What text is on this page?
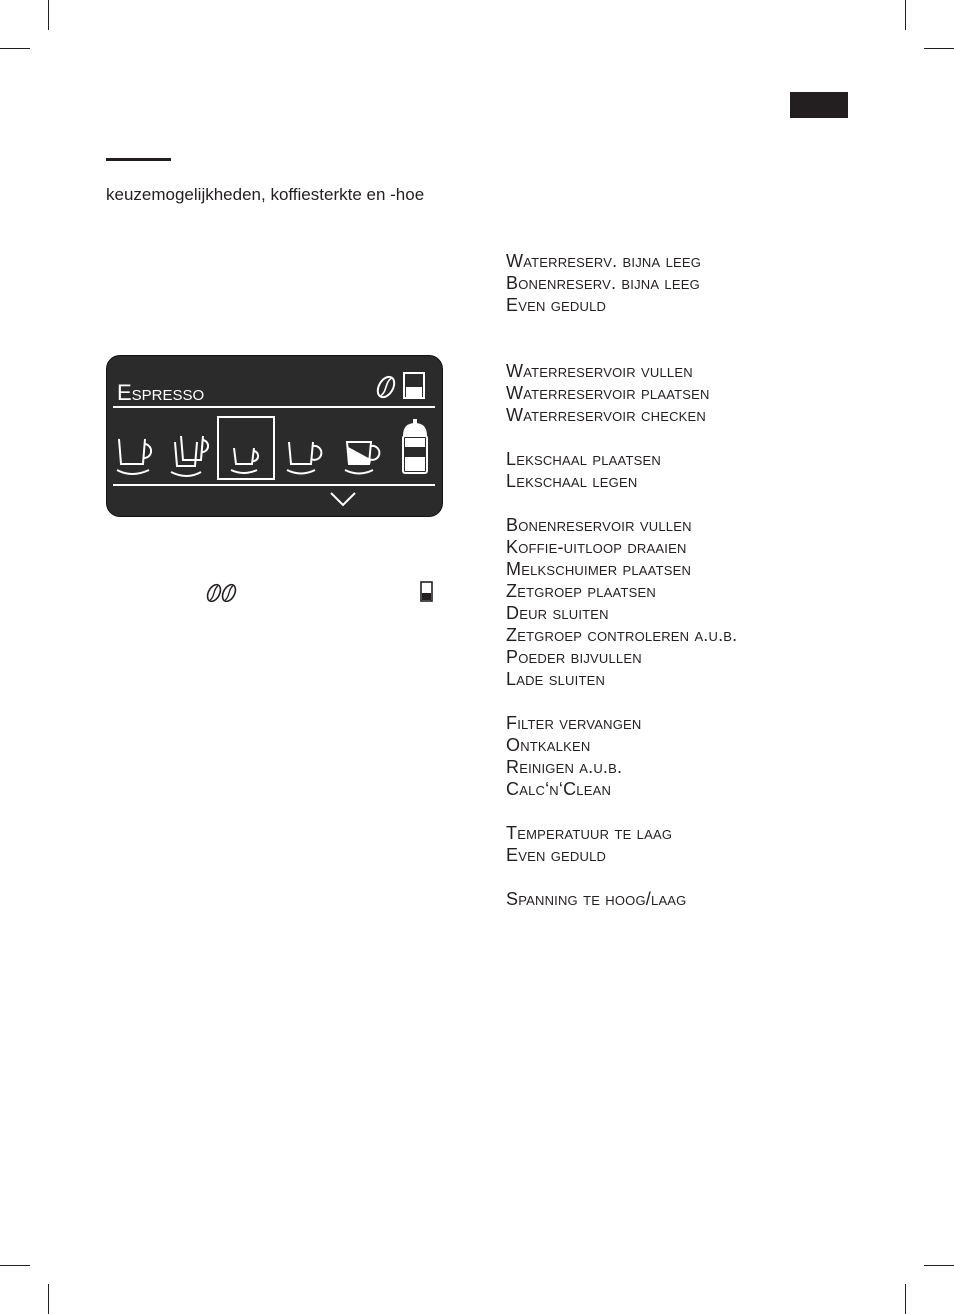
keuzemogelijkheden, koffiesterkte en -hoe
Espresso
Waterreserv. bijna leeg
Bonenreserv. bijna leeg
Even geduld
Waterreservoir vullen
Waterreservoir plaatsen
Waterreservoir checken
Lekschaal plaatsen
Lekschaal legen
Bonenreservoir vullen
Koffie-uitloop draaien
Melkschuimer plaatsen
Zetgroep plaatsen
Deur sluiten
Zetgroep controleren a.u.b.
Poeder bijvullen
Lade sluiten
Filter vervangen
Ontkalken
Reinigen a.u.b.
Calc‘n‘Clean
Temperatuur te laag
Even geduld
Spanning te hoog/laag
